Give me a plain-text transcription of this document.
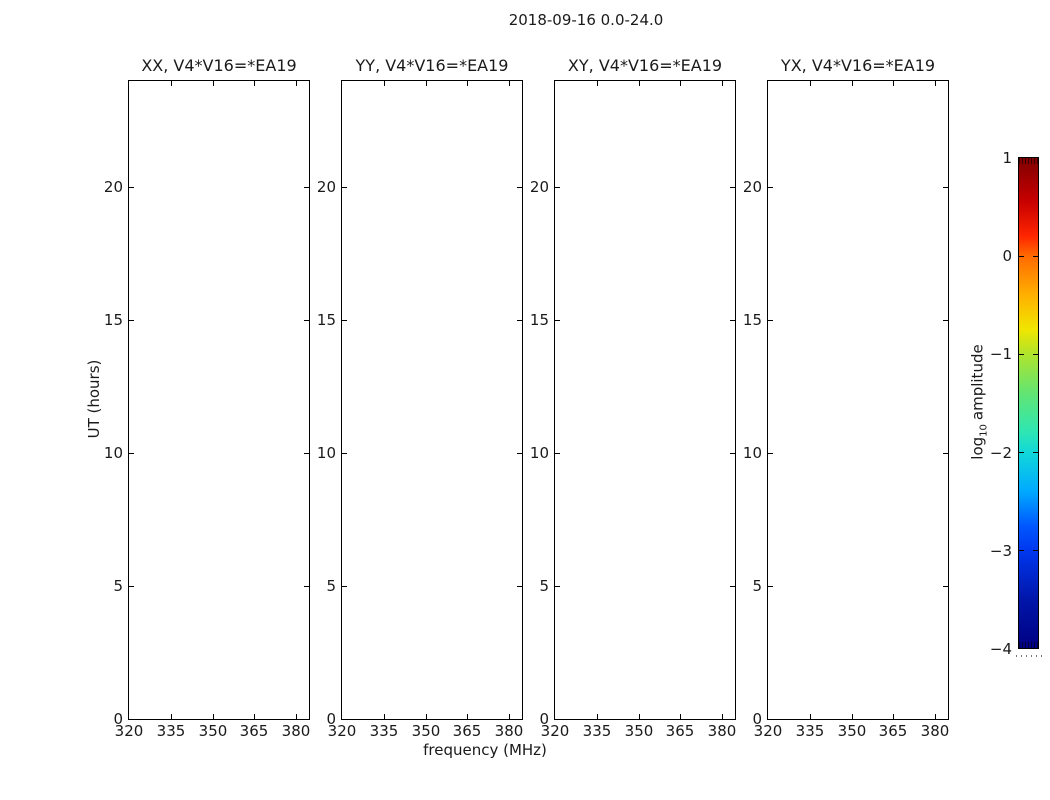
2018-09-16 0.0-24.0
XX, V4*V16=*EA19
20
15
10
5
0
320 335 350 365 380
YY, V4*V16=*EA19
20
15
10
5
0
320 335 350 365 380
XY, V4*V16=*EA19
20
15
10
5
0
320 335 350 365 380
YX, V4*V16=*EA19
20
15
10
5
0
320 335 350 365 380
UT (hours)
frequency (MHz)
1
0
−1
−2
−3
−4
$\log_{10}amplitude$
